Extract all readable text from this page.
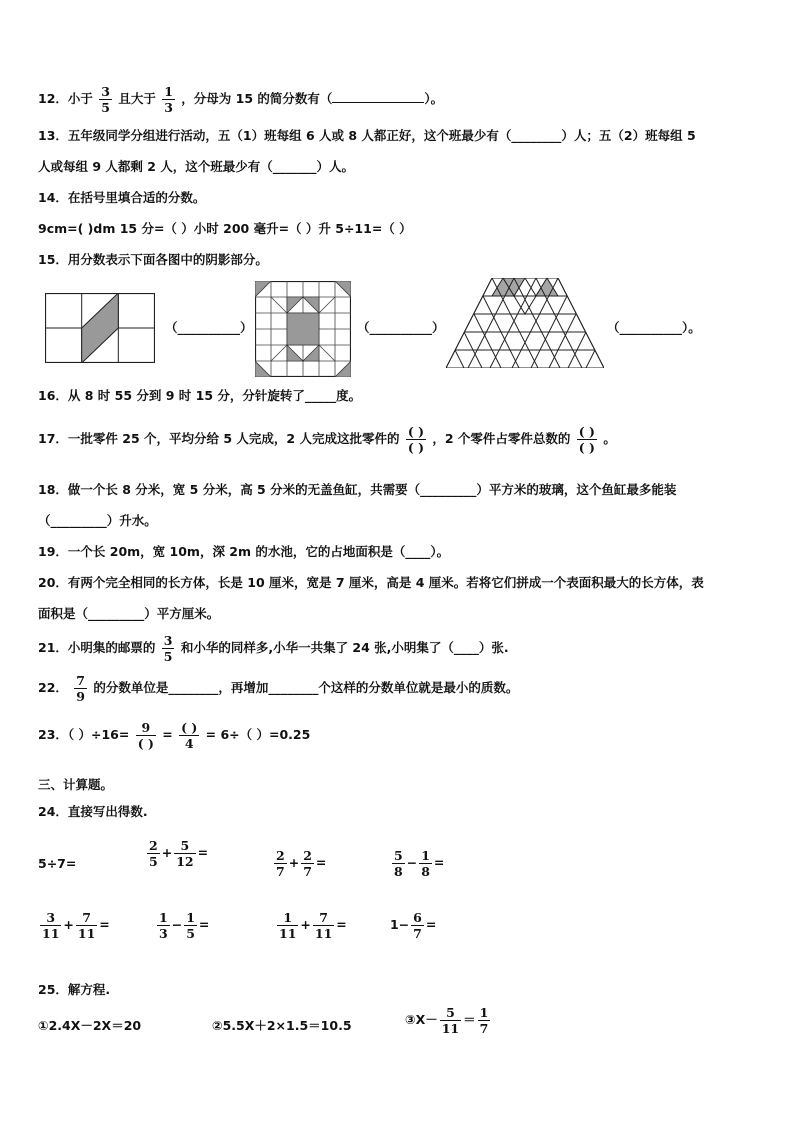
12．小于 $\frac{3}{5}$ 且大于 $\frac{1}{3}$ ，分母为 15 的简分数有（	）。
13．五年级同学分组进行活动，五（1）班每组 6 人或 8 人都正好，这个班最少有（________）人；五（2）班每组 5
人或每组 9 人都剩 2 人，这个班最少有（_______）人。
14．在括号里填合适的分数。
9cm=( )dm 15 分=（ ）小时 200 毫升=（ ）升 5÷11=（ ）
15．用分数表示下面各图中的阴影部分。
（__________）	（__________）	（__________）。
16．从 8 时 55 分到 9 时 15 分，分针旋转了_____度。
17．一批零件 25 个，平均分给 5 人完成，2 人完成这批零件的 $\frac{( )}{( )}$ ，2 个零件占零件总数的 $\frac{( )}{( )}$ 。
18．做一个长 8 分米，宽 5 分米，高 5 分米的无盖鱼缸，共需要（_________）平方米的玻璃，这个鱼缸最多能装
（_________）升水。
19．一个长 20m，宽 10m，深 2m 的水池，它的占地面积是（____）。
20．有两个完全相同的长方体，长是 10 厘米，宽是 7 厘米，高是 4 厘米。若将它们拼成一个表面积最大的长方体，表
面积是（_________）平方厘米。
21．小明集的邮票的 $\frac{3}{5}$ 和小华的同样多,小华一共集了 24 张,小明集了（____）张.
22． $\frac{7}{9}$ 的分数单位是________，再增加________个这样的分数单位就是最小的质数。
23．（ ）$\div 16= \frac{9}{( )} = \frac{( )}{4} = 6\div$（ ）=0.25
三、计算题。
24．直接写出得数.
5÷7=	$\frac{2}{5} + \frac{5}{12}$ =	$\frac{2}{7} + \frac{2}{7}$ =	$\frac{5}{8} - \frac{1}{8}$ =
$\frac{3}{11} + \frac{7}{11}$ =	$\frac{1}{3} - \frac{1}{5}$ =	$\frac{1}{11} + \frac{7}{11}$ =	$1- \frac{6}{7}$ =
25．解方程.
①2.4X－2X＝20	②5.5X＋2×1.5＝10.5	③X－ $\frac{5}{11} = \frac{1}{7}$
